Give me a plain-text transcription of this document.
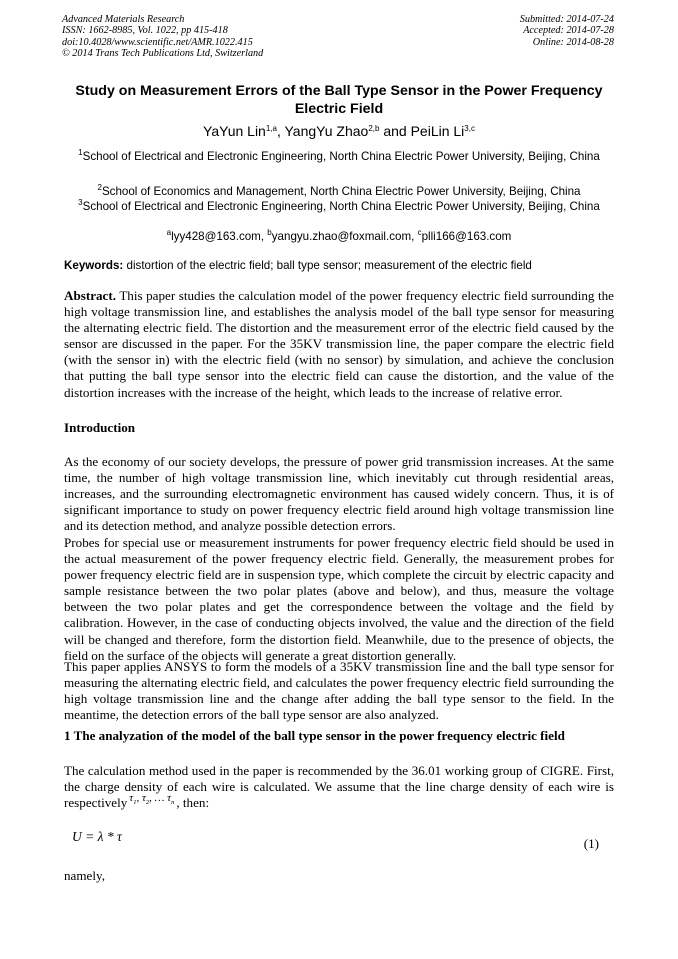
Advanced Materials Research
ISSN: 1662-8985, Vol. 1022, pp 415-418
doi:10.4028/www.scientific.net/AMR.1022.415
© 2014 Trans Tech Publications Ltd, Switzerland
Submitted: 2014-07-24
Accepted: 2014-07-28
Online: 2014-08-28
Study on Measurement Errors of the Ball Type Sensor in the Power Frequency Electric Field
YaYun Lin$^{1,a}$, YangYu Zhao$^{2,b}$ and PeiLin Li$^{3,c}$
$^1$School of Electrical and Electronic Engineering, North China Electric Power University, Beijing, China
$^2$School of Economics and Management, North China Electric Power University, Beijing, China
$^3$School of Electrical and Electronic Engineering, North China Electric Power University, Beijing, China
$^a$lyy428@163.com, $^b$yangyu.zhao@foxmail.com, $^c$plli166@163.com
Keywords: distortion of the electric field; ball type sensor; measurement of the electric field
Abstract. This paper studies the calculation model of the power frequency electric field surrounding the high voltage transmission line, and establishes the analysis model of the ball type sensor for measuring the alternating electric field. The distortion and the measurement error of the electric field caused by the sensor are discussed in the paper. For the 35KV transmission line, the paper compare the electric field (with the sensor in) with the electric field (with no sensor) by simulation, and achieve the conclusion that putting the ball type sensor into the electric field can cause the distortion, and the value of the distortion increases with the increase of the height, which leads to the increase of relative error.
Introduction
As the economy of our society develops, the pressure of power grid transmission increases. At the same time, the number of high voltage transmission line, which inevitably cut through residential areas, increases, and the surrounding electromagnetic environment has caused widely concern. Thus, it is of significant importance to study on power frequency electric field around high voltage transmission line and its detection method, and analyze possible detection errors.
Probes for special use or measurement instruments for power frequency electric field should be used in the actual measurement of the power frequency electric field. Generally, the measurement probes for power frequency electric field are in suspension type, which complete the circuit by electric capacity and sample resistance between the two polar plates (above and below), and thus, measure the voltage between the two polar plates and get the correspondence between the voltage and the field by calibration. However, in the case of conducting objects involved, the value and the direction of the field will be changed and therefore, form the distortion field. Meanwhile, due to the presence of objects, the field on the surface of the objects will generate a great distortion generally.
This paper applies ANSYS to form the models of a 35KV transmission line and the ball type sensor for measuring the alternating electric field, and calculates the power frequency electric field surrounding the high voltage transmission line and the change after adding the ball type sensor to the field. In the meantime, the detection errors of the ball type sensor are also analyzed.
1 The analyzation of the model of the ball type sensor in the power frequency electric field
The calculation method used in the paper is recommended by the 36.01 working group of CIGRE. First, the charge density of each wire is calculated. We assume that the line charge density of each wire is respectively $^{\tau_1, \tau_2, \dots \tau_n}$ , then:
U = λ * τ	(1)
namely,
